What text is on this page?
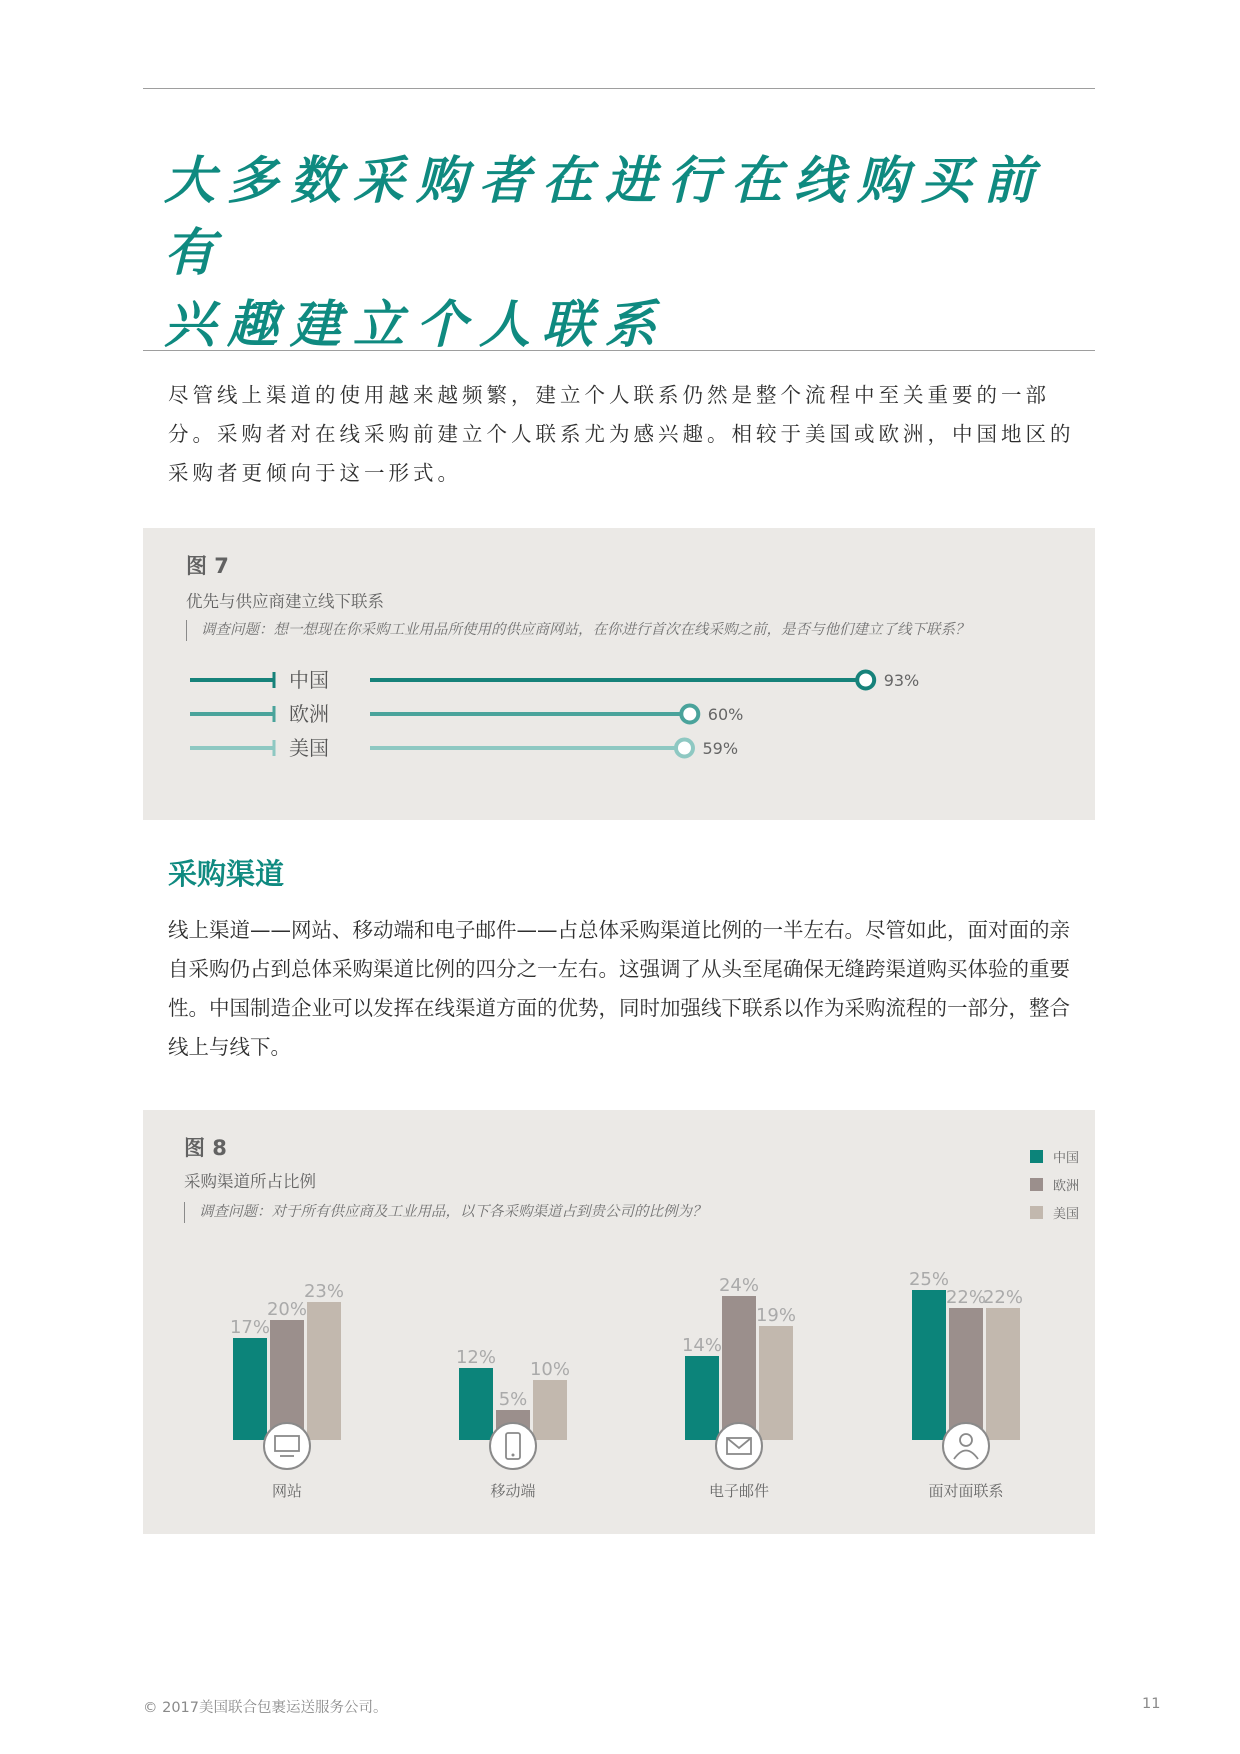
大多数采购者在进行在线购买前有
兴趣建立个人联系

尽管线上渠道的使用越来越频繁，建立个人联系仍然是整个流程中至关重要的一部分。采购者对在线采购前建立个人联系尤为感兴趣。相较于美国或欧洲，中国地区的采购者更倾向于这一形式。

图 7

优先与供应商建立线下联系

调查问题：想一想现在你采购工业用品所使用的供应商网站，在你进行首次在线采购之前，是否与他们建立了线下联系？

中国	93%
欧洲	60%
美国	59%
采购渠道

线上渠道——网站、移动端和电子邮件——占总体采购渠道比例的一半左右。尽管如此，面对面的亲自采购仍占到总体采购渠道比例的四分之一左右。这强调了从头至尾确保无缝跨渠道购买体验的重要性。中国制造企业可以发挥在线渠道方面的优势，同时加强线下联系以作为采购流程的一部分，整合线上与线下。

图 8

采购渠道所占比例

调查问题：对于所有供应商及工业用品，以下各采购渠道占到贵公司的比例为？

中国
欧洲
美国
17%
20%
23%
网站
12%
5%
10%
移动端
14%
24%
19%
电子邮件
25%
22%
22%
面对面联系
© 2017美国联合包裹运送服务公司。	11
